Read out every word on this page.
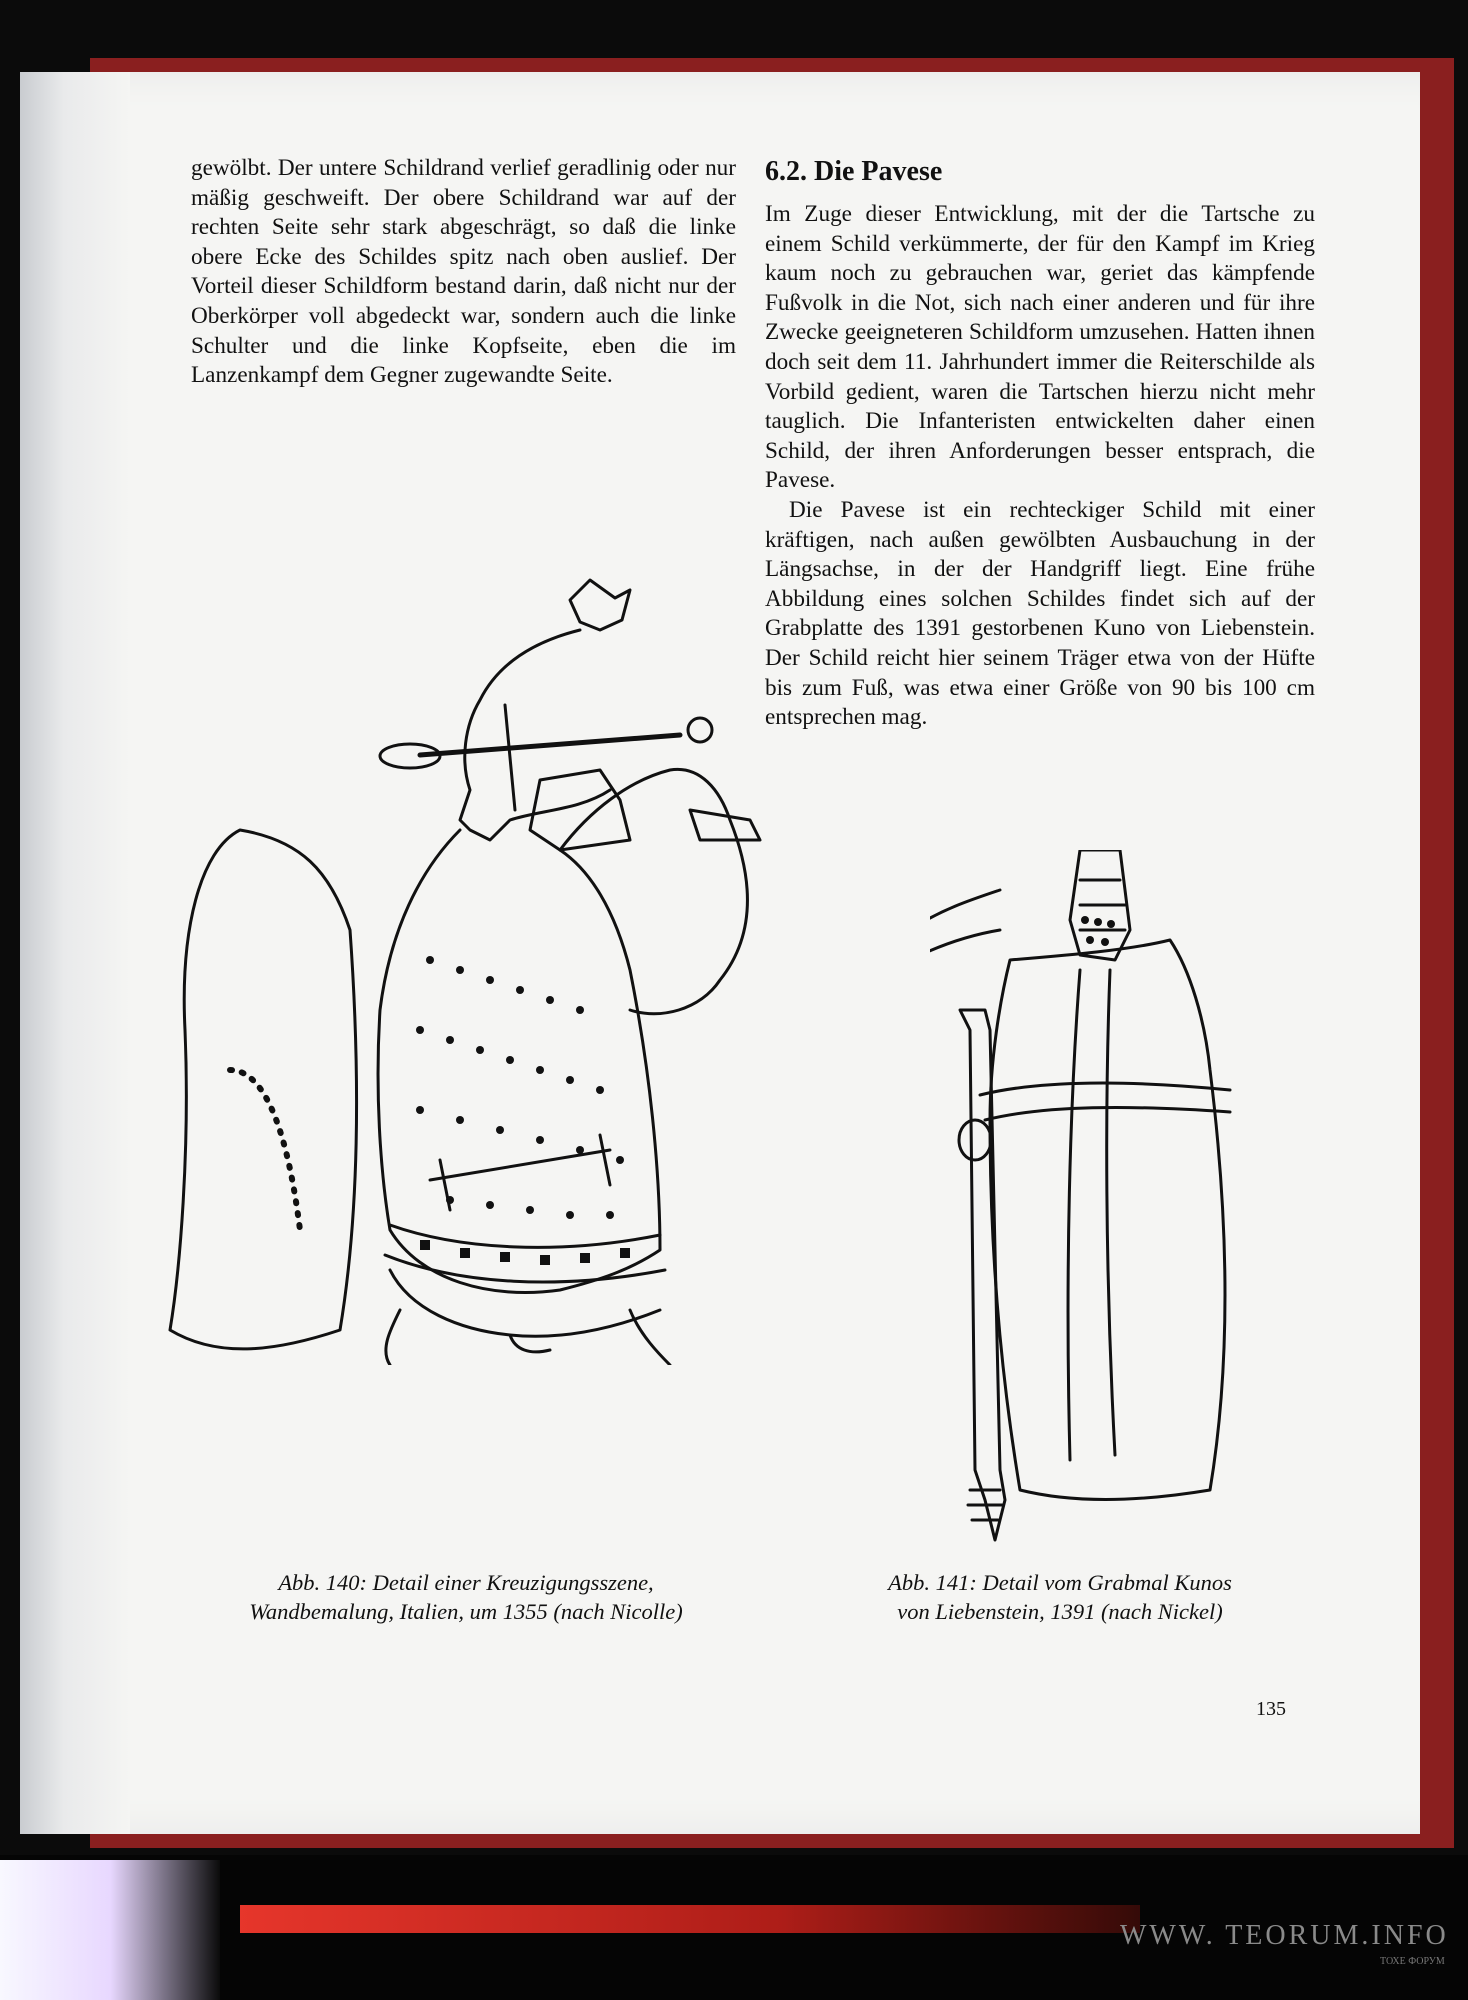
gewölbt. Der untere Schildrand verlief geradlinig oder nur mäßig geschweift. Der obere Schildrand war auf der rechten Seite sehr stark abgeschrägt, so daß die linke obere Ecke des Schildes spitz nach oben auslief. Der Vorteil dieser Schildform bestand darin, daß nicht nur der Oberkörper voll abgedeckt war, sondern auch die linke Schulter und die linke Kopfseite, eben die im Lanzenkampf dem Gegner zugewandte Seite.

6.2. Die Pavese

Im Zuge dieser Entwicklung, mit der die Tartsche zu einem Schild verkümmerte, der für den Kampf im Krieg kaum noch zu gebrauchen war, geriet das kämpfende Fußvolk in die Not, sich nach einer anderen und für ihre Zwecke geeigneteren Schildform umzusehen. Hatten ihnen doch seit dem 11. Jahrhundert immer die Reiterschilde als Vorbild gedient, waren die Tartschen hierzu nicht mehr tauglich. Die Infanteristen entwickelten daher einen Schild, der ihren Anforderungen besser entsprach, die Pavese.

Die Pavese ist ein rechteckiger Schild mit einer kräftigen, nach außen gewölbten Ausbauchung in der Längsachse, in der der Handgriff liegt. Eine frühe Abbildung eines solchen Schildes findet sich auf der Grabplatte des 1391 gestorbenen Kuno von Liebenstein. Der Schild reicht hier seinem Träger etwa von der Hüfte bis zum Fuß, was etwa einer Größe von 90 bis 100 cm entsprechen mag.

Abb. 140: Detail einer Kreuzigungsszene,
Wandbemalung, Italien, um 1355 (nach Nicolle)
Abb. 141: Detail vom Grabmal Kunos
von Liebenstein, 1391 (nach Nickel)
135
WWW. TEORUM.INFO
ТОХЕ ФОРУМ
